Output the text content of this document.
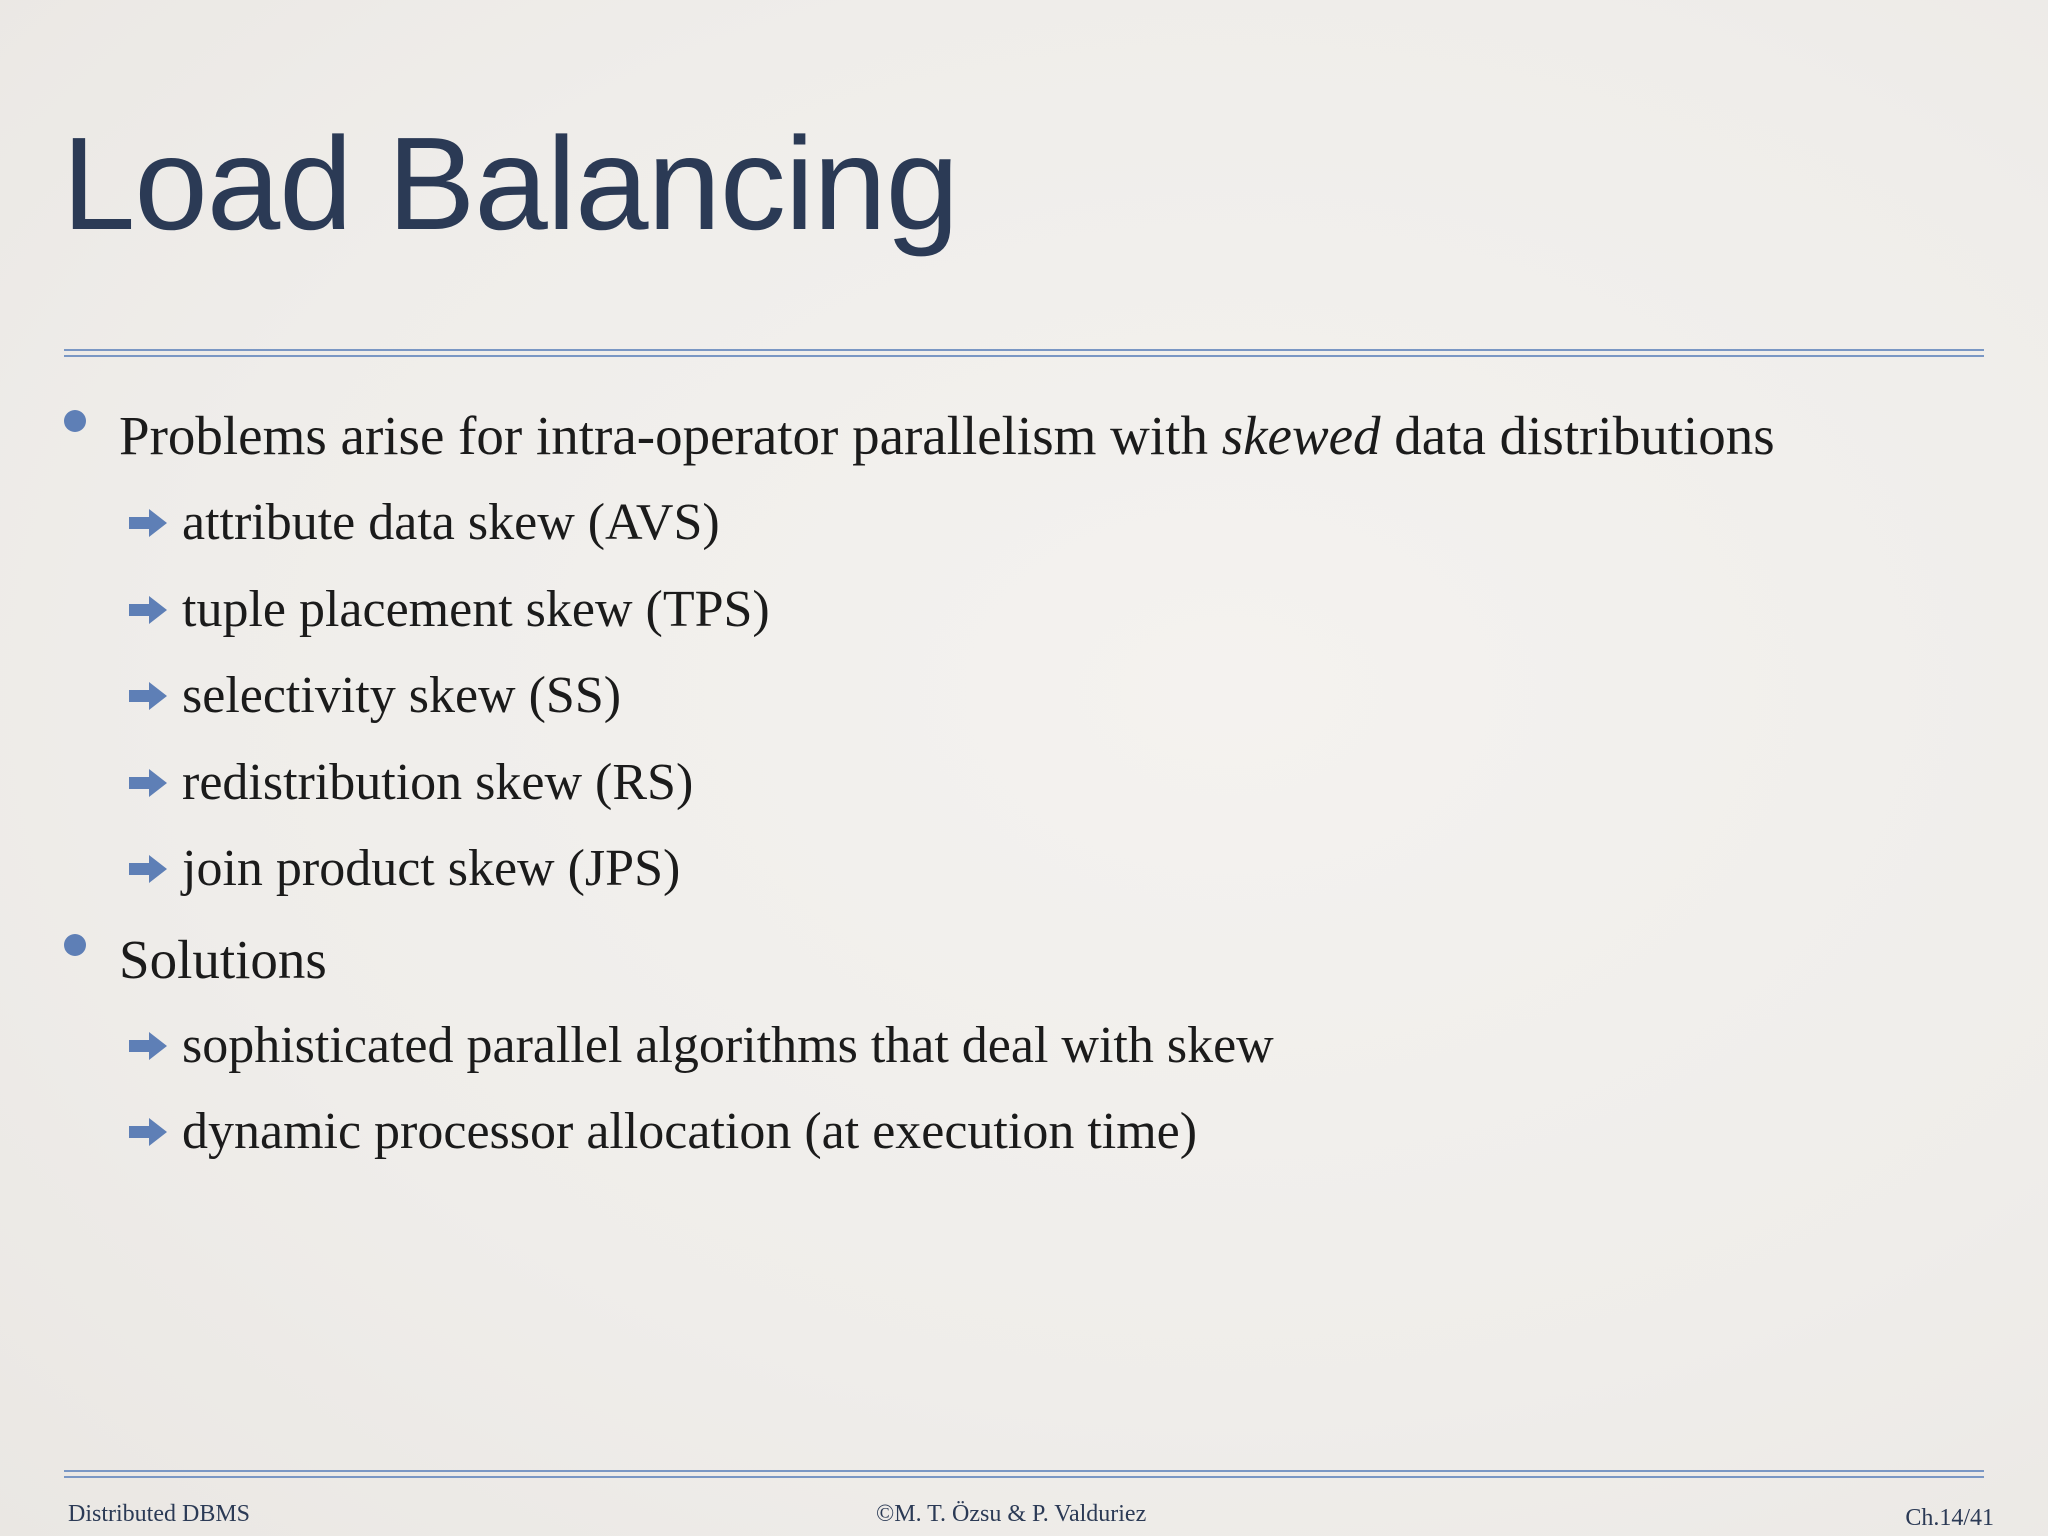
Load Balancing
Problems arise for intra-operator parallelism with skewed data distributions
attribute data skew (AVS)
tuple placement skew (TPS)
selectivity skew (SS)
redistribution skew (RS)
join product skew (JPS)
Solutions
sophisticated parallel algorithms that deal with skew
dynamic processor allocation (at execution time)
Distributed DBMS	©M. T. Özsu & P. Valduriez	Ch.14/41
